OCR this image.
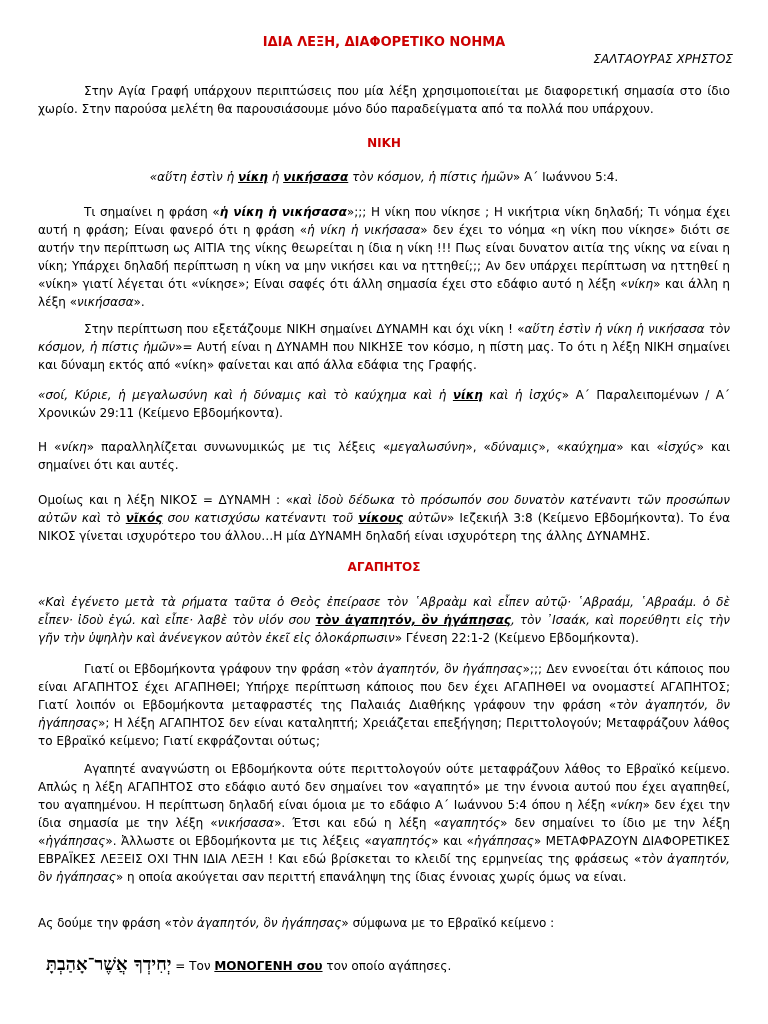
ΙΔΙΑ ΛΕΞΗ, ΔΙΑΦΟΡΕΤΙΚΟ ΝΟΗΜΑ

ΣΑΛΤΑΟΥΡΑΣ ΧΡΗΣΤΟΣ

Στην Αγία Γραφή υπάρχουν περιπτώσεις που μία λέξη χρησιμοποιείται με διαφορετική σημασία στο ίδιο χωρίο. Στην παρούσα μελέτη θα παρουσιάσουμε μόνο δύο παραδείγματα από τα πολλά που υπάρχουν.

ΝΙΚΗ

«αὕτη ἐστὶν ἡ νίκη ἡ νικήσασα τὸν κόσμον, ἡ πίστις ἡμῶν» Α΄ Ιωάννου 5:4.

Τι σημαίνει η φράση «ἡ νίκη ἡ νικήσασα»;;; Η νίκη που νίκησε ; Η νικήτρια νίκη δηλαδή; Τι νόημα έχει αυτή η φράση; Είναι φανερό ότι η φράση «ἡ νίκη ἡ νικήσασα» δεν έχει το νόημα «η νίκη που νίκησε» διότι σε αυτήν την περίπτωση ως ΑΙΤΙΑ της νίκης θεωρείται η ίδια η νίκη !!! Πως είναι δυνατον αιτία της νίκης να είναι η νίκη; Υπάρχει δηλαδή περίπτωση η νίκη να μην νικήσει και να ηττηθεί;;; Αν δεν υπάρχει περίπτωση να ηττηθεί η «νίκη» γιατί λέγεται ότι «νίκησε»; Είναι σαφές ότι άλλη σημασία έχει στο εδάφιο αυτό η λέξη «νίκη» και άλλη η λέξη «νικήσασα».

Στην περίπτωση που εξετάζουμε ΝΙΚΗ σημαίνει ΔΥΝΑΜΗ και όχι νίκη ! «αὕτη ἐστὶν ἡ νίκη ἡ νικήσασα τὸν κόσμον, ἡ πίστις ἡμῶν»= Αυτή είναι η ΔΥΝΑΜΗ που ΝΙΚΗΣΕ τον κόσμο, η πίστη μας. Το ότι η λέξη ΝΙΚΗ σημαίνει και δύναμη εκτός από «νίκη» φαίνεται και από άλλα εδάφια της Γραφής.

«σοί, Κύριε, ἡ μεγαλωσύνη καὶ ἡ δύναμις καὶ τὸ καύχημα καὶ ἡ νίκη καὶ ἡ ἰσχύς» Α΄ Παραλειπομένων / Α΄ Χρονικών 29:11 (Κείμενο Εβδομήκοντα).

Η «νίκη» παραλληλίζεται συνωνυμικώς με τις λέξεις «μεγαλωσύνη», «δύναμις», «καύχημα» και «ἰσχύς» και σημαίνει ότι και αυτές.

Ομοίως και η λέξη ΝΙΚΟΣ = ΔΥΝΑΜΗ : «καὶ ἰδοὺ δέδωκα τὸ πρόσωπόν σου δυνατὸν κατέναντι τῶν προσώπων αὐτῶν καὶ τὸ νῖκός σου κατισχύσω κατέναντι τοῦ νίκους αὐτῶν» Ιεζεκιήλ 3:8 (Κείμενο Εβδομήκοντα). Το ένα ΝΙΚΟΣ γίνεται ισχυρότερο του άλλου…Η μία ΔΥΝΑΜΗ δηλαδή είναι ισχυρότερη της άλλης ΔΥΝΑΜΗΣ.

ΑΓΑΠΗΤΟΣ

«Καὶ ἐγένετο μετὰ τὰ ρήματα ταῦτα ὁ Θεὸς ἐπείρασε τὸν ῾Αβραὰμ καὶ εἶπεν αὐτῷ· ῾Αβραάμ, ῾Αβραάμ. ὁ δὲ εἶπεν· ἰδοὺ ἐγώ. καὶ εἶπε· λαβὲ τὸν υἱόν σου τὸν ἀγαπητόν, ὃν ἠγάπησας, τὸν ᾿Ισαάκ, καὶ πορεύθητι εἰς τὴν γῆν τὴν ὑψηλὴν καὶ ἀνένεγκον αὐτὸν ἐκεῖ εἰς ὁλοκάρπωσιν» Γένεση 22:1-2 (Κείμενο Εβδομήκοντα).

Γιατί οι Εβδομήκοντα γράφουν την φράση «τὸν ἀγαπητόν, ὃν ἠγάπησας»;;; Δεν εννοείται ότι κάποιος που είναι ΑΓΑΠΗΤΟΣ έχει ΑΓΑΠΗΘΕΙ; Υπήρχε περίπτωση κάποιος που δεν έχει ΑΓΑΠΗΘΕΙ να ονομαστεί ΑΓΑΠΗΤΟΣ; Γιατί λοιπόν οι Εβδομήκοντα μεταφραστές της Παλαιάς Διαθήκης γράφουν την φράση «τὸν ἀγαπητόν, ὃν ἠγάπησας»; Η λέξη ΑΓΑΠΗΤΟΣ δεν είναι καταληπτή; Χρειάζεται επεξήγηση; Περιττολογούν; Μεταφράζουν λάθος το Εβραϊκό κείμενο; Γιατί εκφράζονται ούτως;

Αγαπητέ αναγνώστη οι Εβδομήκοντα ούτε περιττολογούν ούτε μεταφράζουν λάθος το Εβραϊκό κείμενο. Απλώς η λέξη ΑΓΑΠΗΤΟΣ στο εδάφιο αυτό δεν σημαίνει τον «αγαπητό» με την έννοια αυτού που έχει αγαπηθεί, του αγαπημένου. Η περίπτωση δηλαδή είναι όμοια με το εδάφιο Α΄ Ιωάννου 5:4 όπου η λέξη «νίκη» δεν έχει την ίδια σημασία με την λέξη «νικήσασα». Έτσι και εδώ η λέξη «αγαπητός» δεν σημαίνει το ίδιο με την λέξη «ἠγάπησας». Ἀλλωστε οι Εβδομήκοντα με τις λέξεις «αγαπητός» και «ἠγάπησας» ΜΕΤΑΦΡΑΖΟΥΝ ΔΙΑΦΟΡΕΤΙΚΕΣ ΕΒΡΑΪΚΕΣ ΛΕΞΕΙΣ ΟΧΙ ΤΗΝ ΙΔΙΑ ΛΕΞΗ ! Και εδώ βρίσκεται το κλειδί της ερμηνείας της φράσεως «τὸν ἀγαπητόν, ὃν ἠγάπησας» η οποία ακούγεται σαν περιττή επανάληψη της ίδιας έννοιας χωρίς όμως να είναι.

Ας δούμε την φράση «τὸν ἀγαπητόν, ὃν ἠγάπησας» σύμφωνα με το Εβραϊκό κείμενο :

יְחִידְךָ אֲשֶׁר־אָהַבְתָּ = Τον ΜΟΝΟΓΕΝΗ σου τον οποίο αγάπησες.
